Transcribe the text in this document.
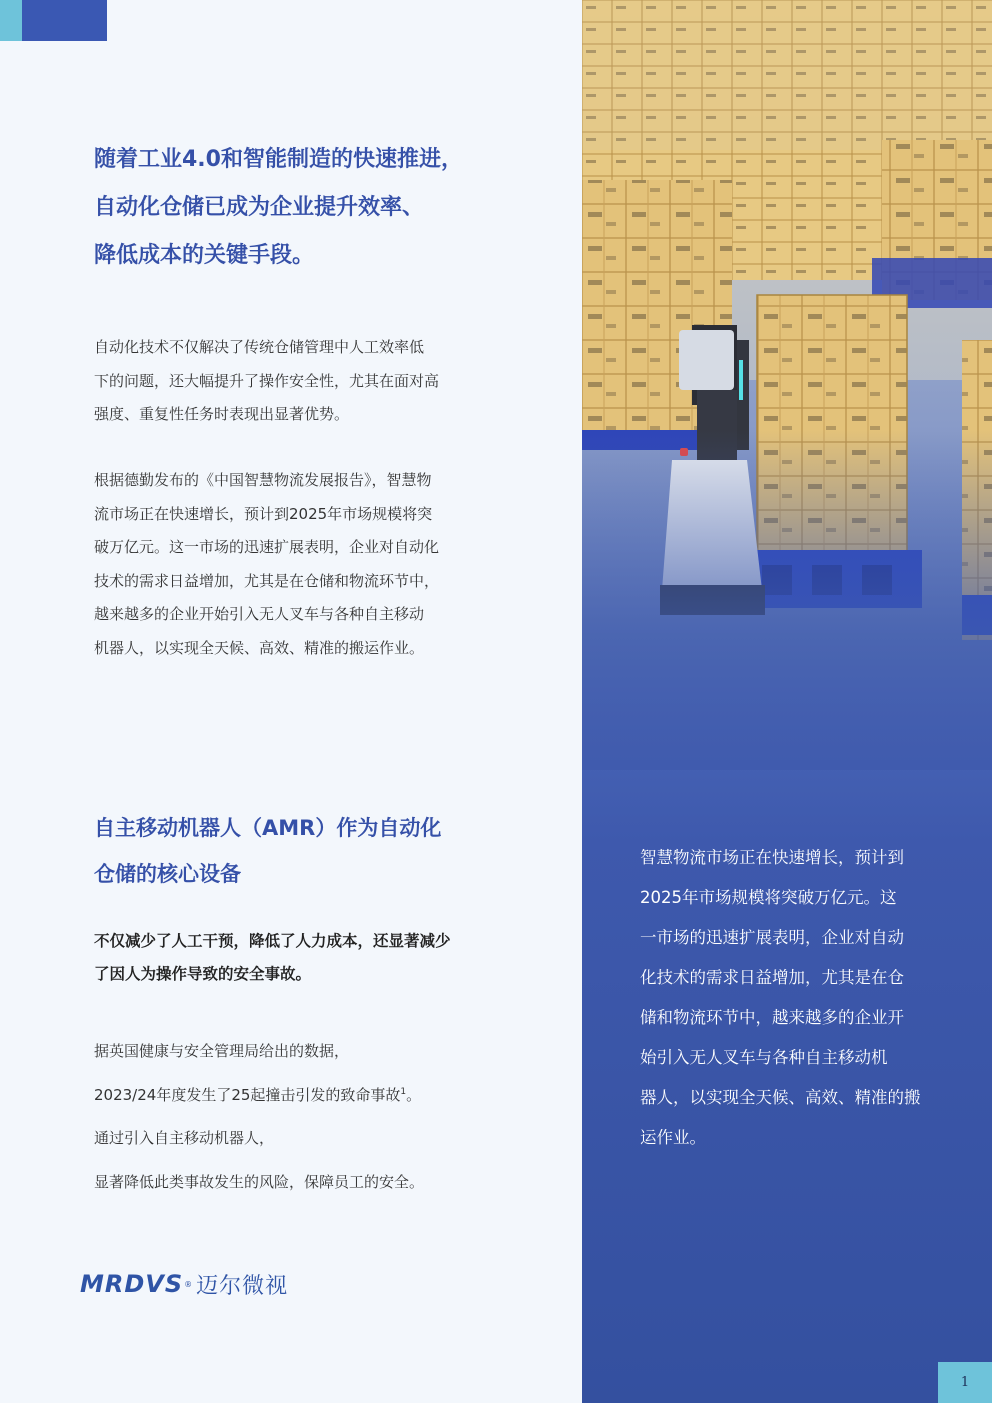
随着工业4.0和智能制造的快速推进，
自动化仓储已成为企业提升效率、
降低成本的关键手段。
自动化技术不仅解决了传统仓储管理中人工效率低
下的问题，还大幅提升了操作安全性，尤其在面对高
强度、重复性任务时表现出显著优势。
根据德勤发布的《中国智慧物流发展报告》，智慧物
流市场正在快速增长，预计到2025年市场规模将突
破万亿元。这一市场的迅速扩展表明，企业对自动化
技术的需求日益增加，尤其是在仓储和物流环节中，
越来越多的企业开始引入无人叉车与各种自主移动
机器人，以实现全天候、高效、精准的搬运作业。
自主移动机器人（AMR）作为自动化
仓储的核心设备
不仅减少了人工干预，降低了人力成本，还显著减少
了因人为操作导致的安全事故。
据英国健康与安全管理局给出的数据，
2023/24年度发生了25起撞击引发的致命事故$^1$。
通过引入自主移动机器人，
显著降低此类事故发生的风险，保障员工的安全。
MRDVS ® 迈尔微视
智慧物流市场正在快速增长，预计到
2025年市场规模将突破万亿元。这
一市场的迅速扩展表明，企业对自动
化技术的需求日益增加，尤其是在仓
储和物流环节中，越来越多的企业开
始引入无人叉车与各种自主移动机
器人，以实现全天候、高效、精准的搬
运作业。
1
